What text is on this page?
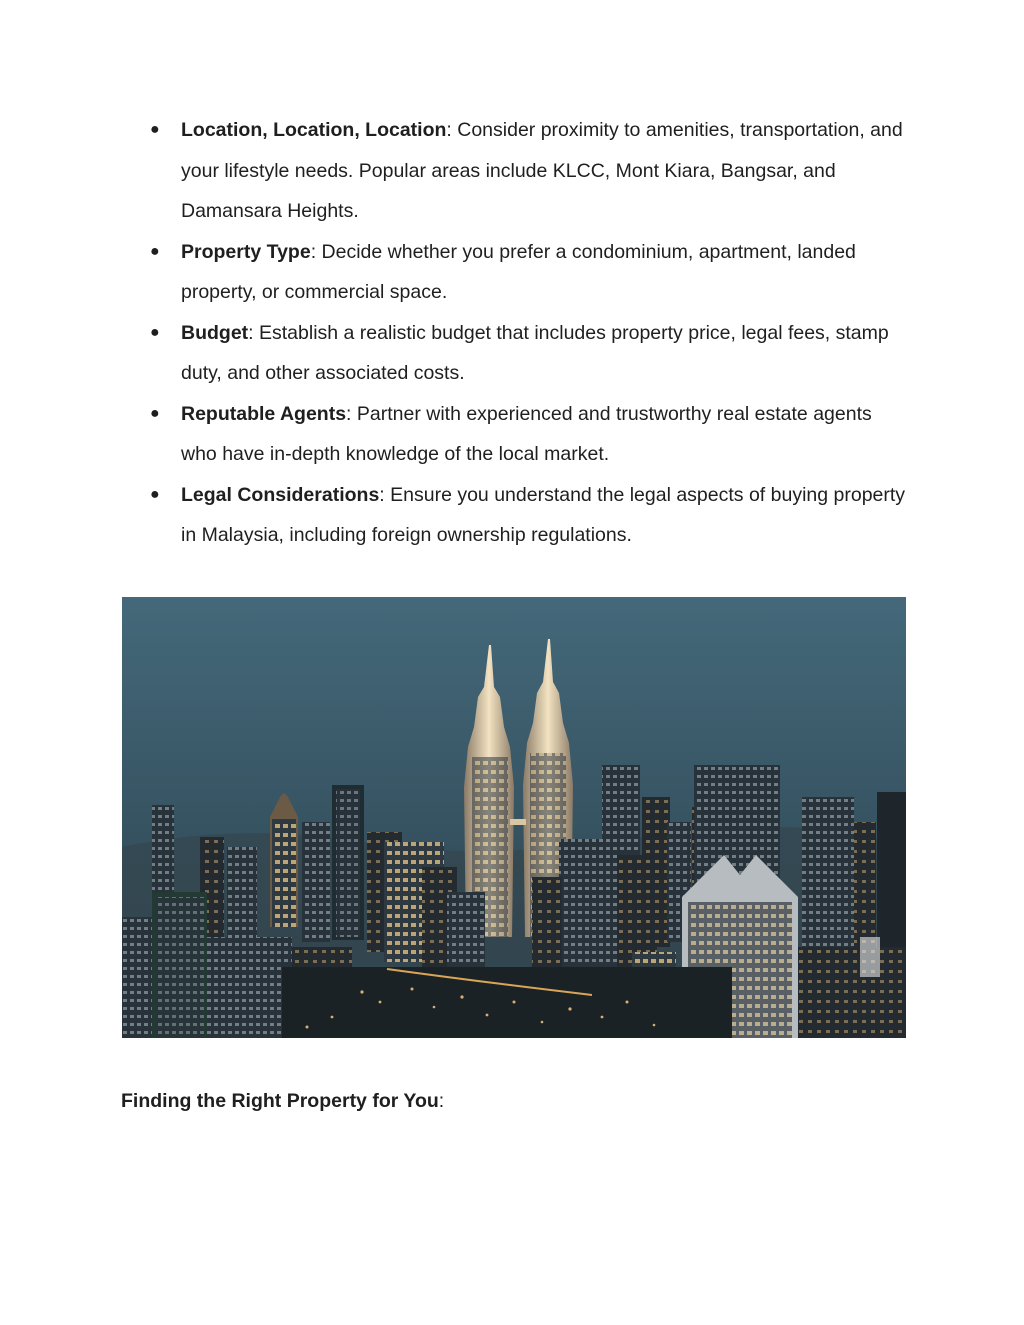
● Location, Location, Location: Consider proximity to amenities, transportation, and your lifestyle needs. Popular areas include KLCC, Mont Kiara, Bangsar, and Damansara Heights.
● Property Type: Decide whether you prefer a condominium, apartment, landed property, or commercial space.
● Budget: Establish a realistic budget that includes property price, legal fees, stamp duty, and other associated costs.
● Reputable Agents: Partner with experienced and trustworthy real estate agents who have in-depth knowledge of the local market.
● Legal Considerations: Ensure you understand the legal aspects of buying property in Malaysia, including foreign ownership regulations.
Finding the Right Property for You:
